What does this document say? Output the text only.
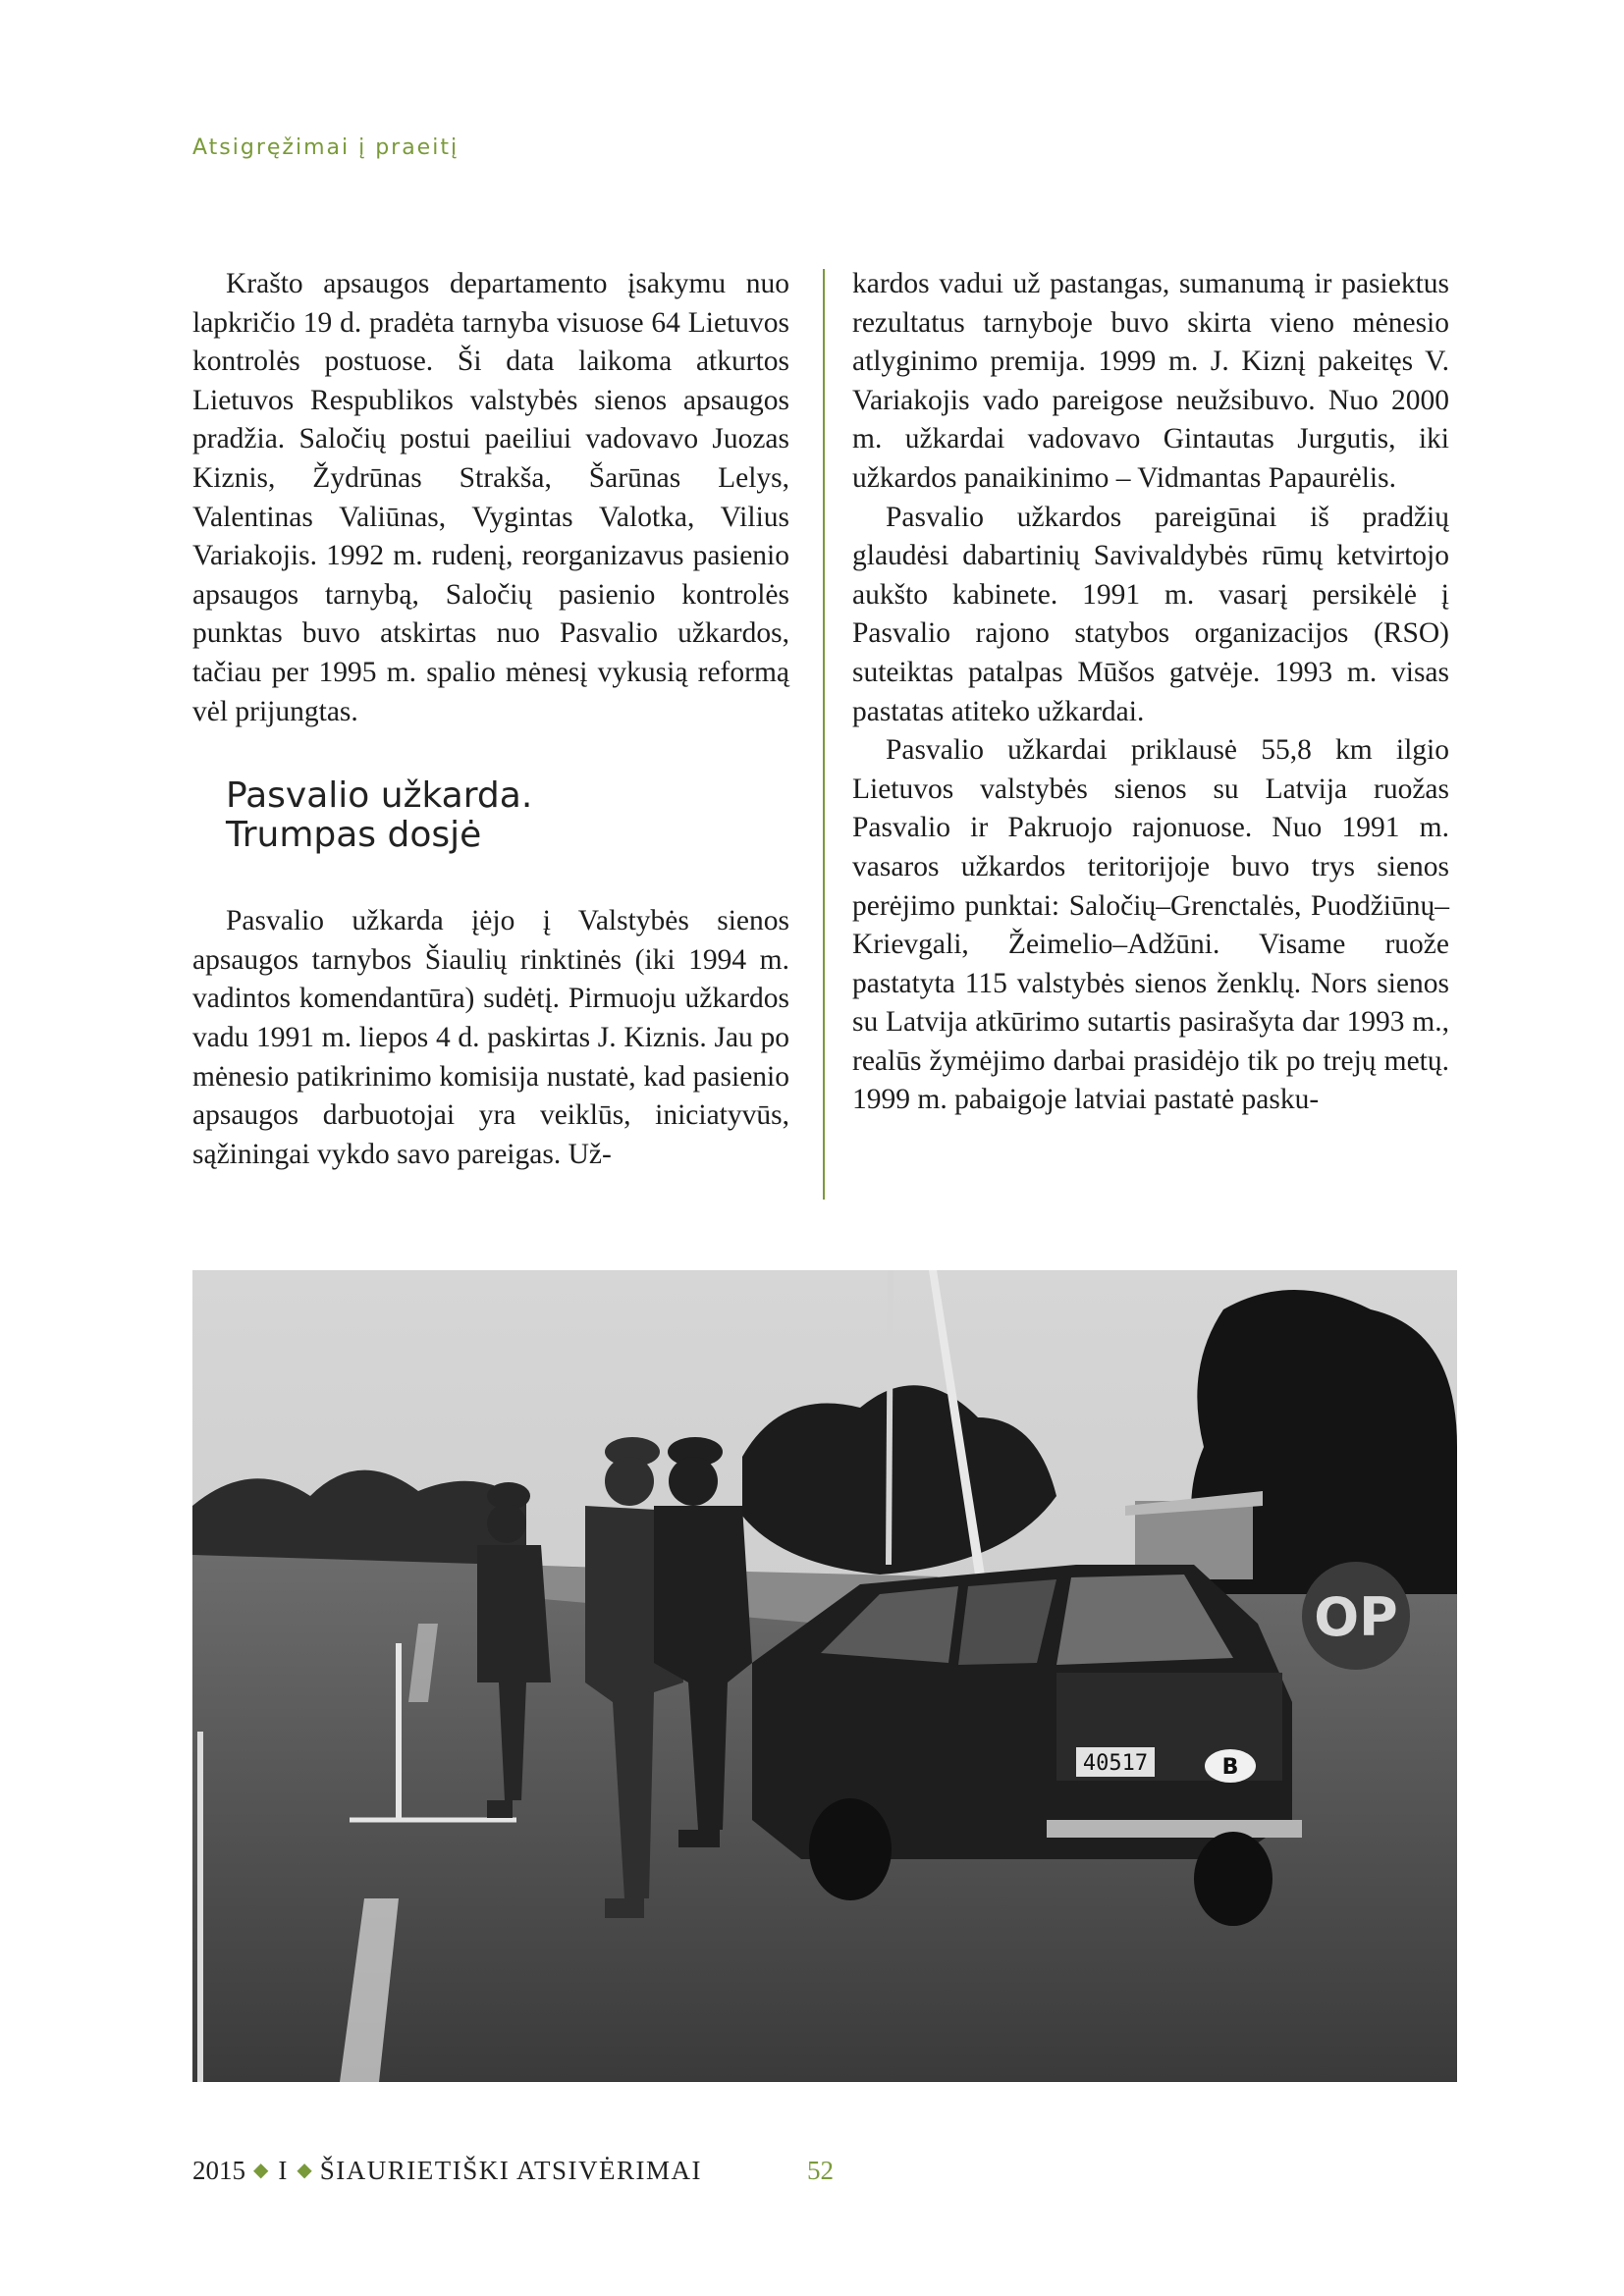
Atsigręžimai į praeitį

Krašto apsaugos departamento įsakymu nuo lapkričio 19 d. pradėta tarnyba visuose 64 Lietuvos kontrolės postuose. Ši data laikoma atkurtos Lietuvos Respublikos valstybės sienos apsaugos pradžia. Saločių postui paeiliui vadovavo Juozas Kiznis, Žydrūnas Strakša, Šarūnas Lelys, Valentinas Valiūnas, Vygintas Valotka, Vilius Variakojis. 1992 m. rudenį, reorganizavus pasienio apsaugos tarnybą, Saločių pasienio kontrolės punktas buvo atskirtas nuo Pasvalio užkardos, tačiau per 1995 m. spalio mėnesį vykusią reformą vėl prijungtas.

Pasvalio užkarda.
Trumpas dosjė

Pasvalio užkarda įėjo į Valstybės sienos apsaugos tarnybos Šiaulių rinktinės (iki 1994 m. vadintos komendantūra) sudėtį. Pirmuoju užkardos vadu 1991 m. liepos 4 d. paskirtas J. Kiznis. Jau po mėnesio patikrinimo komisija nustatė, kad pasienio apsaugos darbuotojai yra veiklūs, iniciatyvūs, sąžiningai vykdo savo pareigas. Už-

kardos vadui už pastangas, sumanumą ir pasiektus rezultatus tarnyboje buvo skirta vieno mėnesio atlyginimo premija. 1999 m. J. Kiznį pakeitęs V. Variakojis vado pareigose neužsibuvo. Nuo 2000 m. užkardai vadovavo Gintautas Jurgutis, iki užkardos panaikinimo – Vidmantas Papaurėlis.

Pasvalio užkardos pareigūnai iš pradžių glaudėsi dabartinių Savivaldybės rūmų ketvirtojo aukšto kabinete. 1991 m. vasarį persikėlė į Pasvalio rajono statybos organizacijos (RSO) suteiktas patalpas Mūšos gatvėje. 1993 m. visas pastatas atiteko užkardai.

Pasvalio užkardai priklausė 55,8 km ilgio Lietuvos valstybės sienos su Latvija ruožas Pasvalio ir Pakruojo rajonuose. Nuo 1991 m. vasaros užkardos teritorijoje buvo trys sienos perėjimo punktai: Saločių–Grenctalės, Puodžiūnų–Krievgali, Žeimelio–Adžūni. Visame ruože pastatyta 115 valstybės sienos ženklų. Nors sienos su Latvija atkūrimo sutartis pasirašyta dar 1993 m., realūs žymėjimo darbai prasidėjo tik po trejų metų. 1999 m. pabaigoje latviai pastatė pasku-

OP
40517	B
2015 ◆ I ◆ ŠIAURIETIŠKI ATSIVĖRIMAI	52
